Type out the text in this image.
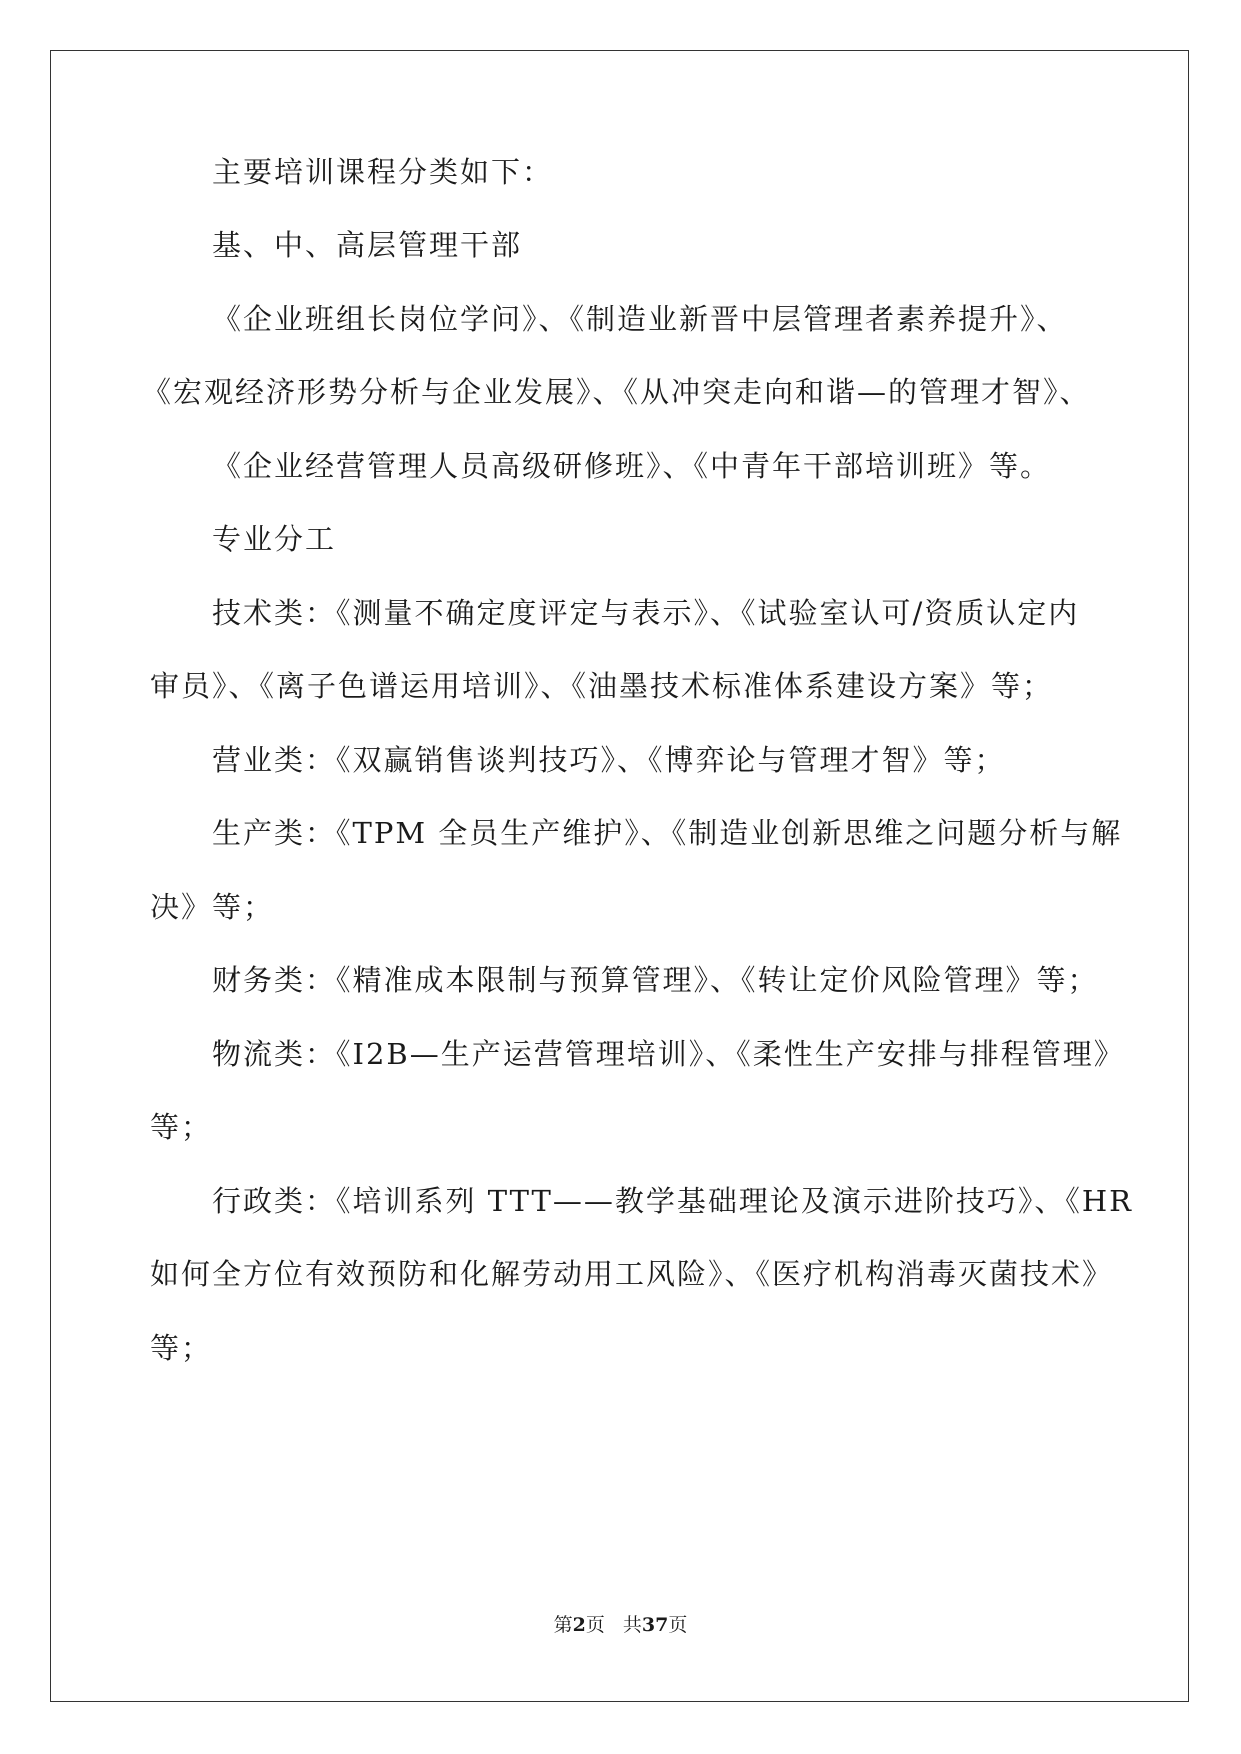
主要培训课程分类如下：
基、中、高层管理干部
《企业班组长岗位学问》、《制造业新晋中层管理者素养提升》、
《宏观经济形势分析与企业发展》、《从冲突走向和谐—的管理才智》、
《企业经营管理人员高级研修班》、《中青年干部培训班》等。
专业分工
技术类：《测量不确定度评定与表示》、《试验室认可/资质认定内
审员》、《离子色谱运用培训》、《油墨技术标准体系建设方案》等；
营业类：《双赢销售谈判技巧》、《博弈论与管理才智》等；
生产类：《TPM 全员生产维护》、《制造业创新思维之问题分析与解
决》等；
财务类：《精准成本限制与预算管理》、《转让定价风险管理》等；
物流类：《I2B—生产运营管理培训》、《柔性生产安排与排程管理》
等；
行政类：《培训系列 TTT——教学基础理论及演示进阶技巧》、《HR
如何全方位有效预防和化解劳动用工风险》、《医疗机构消毒灭菌技术》
等；
第2页 共37页
